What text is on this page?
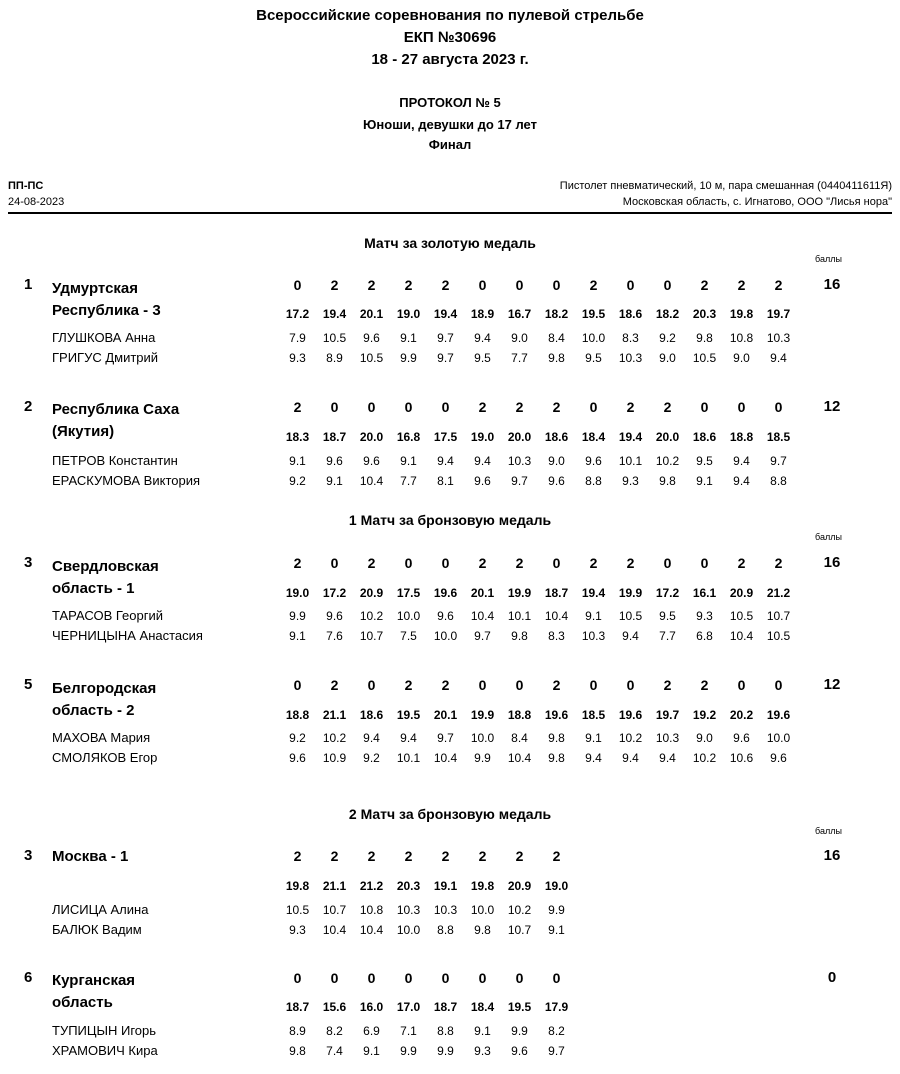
Всероссийские соревнования по пулевой стрельбе
ЕКП №30696
18 - 27 августа 2023 г.
ПРОТОКОЛ № 5
Юноши, девушки до 17 лет
Финал
ПП-ПС
24-08-2023
Пистолет пневматический, 10 м, пара смешанная (0440411611Я)
Московская область, с. Игнатово, ООО "Лисья нора"
Матч за золотую медаль
баллы
1 Удмуртская
Республика - 3
0	2	2	2	2	0	0	0	2	0	0	2	2	2	16
17.2	19.4	20.1	19.0	19.4	18.9	16.7	18.2	19.5	18.6	18.2	20.3	19.8	19.7
ГЛУШКОВА Анна	7.9	10.5	9.6	9.1	9.7	9.4	9.0	8.4	10.0	8.3	9.2	9.8	10.8	10.3
ГРИГУС Дмитрий	9.3	8.9	10.5	9.9	9.7	9.5	7.7	9.8	9.5	10.3	9.0	10.5	9.0	9.4
2 Республика Саха
(Якутия)
2	0	0	0	0	2	2	2	0	2	2	0	0	0	12
18.3	18.7	20.0	16.8	17.5	19.0	20.0	18.6	18.4	19.4	20.0	18.6	18.8	18.5
ПЕТРОВ Константин	9.1	9.6	9.6	9.1	9.4	9.4	10.3	9.0	9.6	10.1	10.2	9.5	9.4	9.7
ЕРАСКУМОВА Виктория	9.2	9.1	10.4	7.7	8.1	9.6	9.7	9.6	8.8	9.3	9.8	9.1	9.4	8.8
1 Матч за бронзовую медаль
баллы
3 Свердловская
область - 1
2	0	2	0	0	2	2	0	2	2	0	0	2	2	16
19.0	17.2	20.9	17.5	19.6	20.1	19.9	18.7	19.4	19.9	17.2	16.1	20.9	21.2
ТАРАСОВ Георгий	9.9	9.6	10.2	10.0	9.6	10.4	10.1	10.4	9.1	10.5	9.5	9.3	10.5	10.7
ЧЕРНИЦЫНА Анастасия	9.1	7.6	10.7	7.5	10.0	9.7	9.8	8.3	10.3	9.4	7.7	6.8	10.4	10.5
5 Белгородская
область - 2
0	2	0	2	2	0	0	2	0	0	2	2	0	0	12
18.8	21.1	18.6	19.5	20.1	19.9	18.8	19.6	18.5	19.6	19.7	19.2	20.2	19.6
МАХОВА Мария	9.2	10.2	9.4	9.4	9.7	10.0	8.4	9.8	9.1	10.2	10.3	9.0	9.6	10.0
СМОЛЯКОВ Егор	9.6	10.9	9.2	10.1	10.4	9.9	10.4	9.8	9.4	9.4	9.4	10.2	10.6	9.6
2 Матч за бронзовую медаль
баллы
3 Москва - 1	2	2	2	2	2	2	2	2	16
19.8	21.1	21.2	20.3	19.1	19.8	20.9	19.0
ЛИСИЦА Алина	10.5	10.7	10.8	10.3	10.3	10.0	10.2	9.9
БАЛЮК Вадим	9.3	10.4	10.4	10.0	8.8	9.8	10.7	9.1
6 Курганская
область
0	0	0	0	0	0	0	0	0
18.7	15.6	16.0	17.0	18.7	18.4	19.5	17.9
ТУПИЦЫН Игорь	8.9	8.2	6.9	7.1	8.8	9.1	9.9	8.2
ХРАМОВИЧ Кира	9.8	7.4	9.1	9.9	9.9	9.3	9.6	9.7
